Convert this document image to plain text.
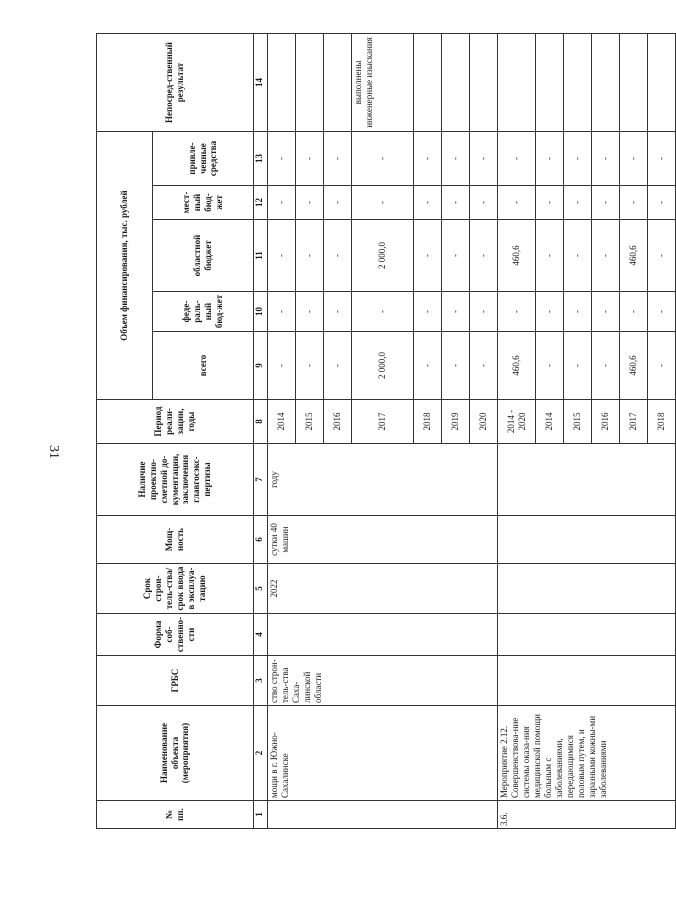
31
№ пп.	Наименование объекта (мероприятия)	ГРБС	Форма соб-ственно-сти	Срок строи-тель-ства/срок ввода в эксплуа-тацию	Мощ-ность	Наличие проектно-сметной до-кументации, заключения главгосэкс-пертизы	Период реали-зации, годы	Объем финансирования, тыс. рублей					Непосред-ственный результат
								всего	феде-раль-ный бюд-жет	областной бюджет	мест-ный бюд-жет	привле-ченные средства	
1	2	3	4	5	6	7	8	9	10	11	12	13	14
	мощи в г. Южно-Сахалинске	ство строн-тель-ства Саха-линской области		2022	сутки 40 машин	году	2014	-	-	-	-	-	
							2015	-	-	-	-	-	
							2016	-	-	-	-	-	
							2017	2 000,0	-	2 000,0	-	-	выполнены инженерные изыскания
							2018	-	-	-	-	-	
							2019	-	-	-	-	-	
							2020	-	-	-	-	-	
3.6.	Мероприятие 2.12. Совершенствова-ние системы оказа-ния медицинской помощи больным с заболеваниями, передающимися половым путем, и заразными кожны-ми заболеваниями						2014 - 2020	460,6	-	460,6	-	-	
							2014	-	-	-	-	-	
							2015	-	-	-	-	-	
							2016	-	-	-	-	-	
							2017	460,6	-	460,6	-	-	
							2018	-	-	-	-	-	
